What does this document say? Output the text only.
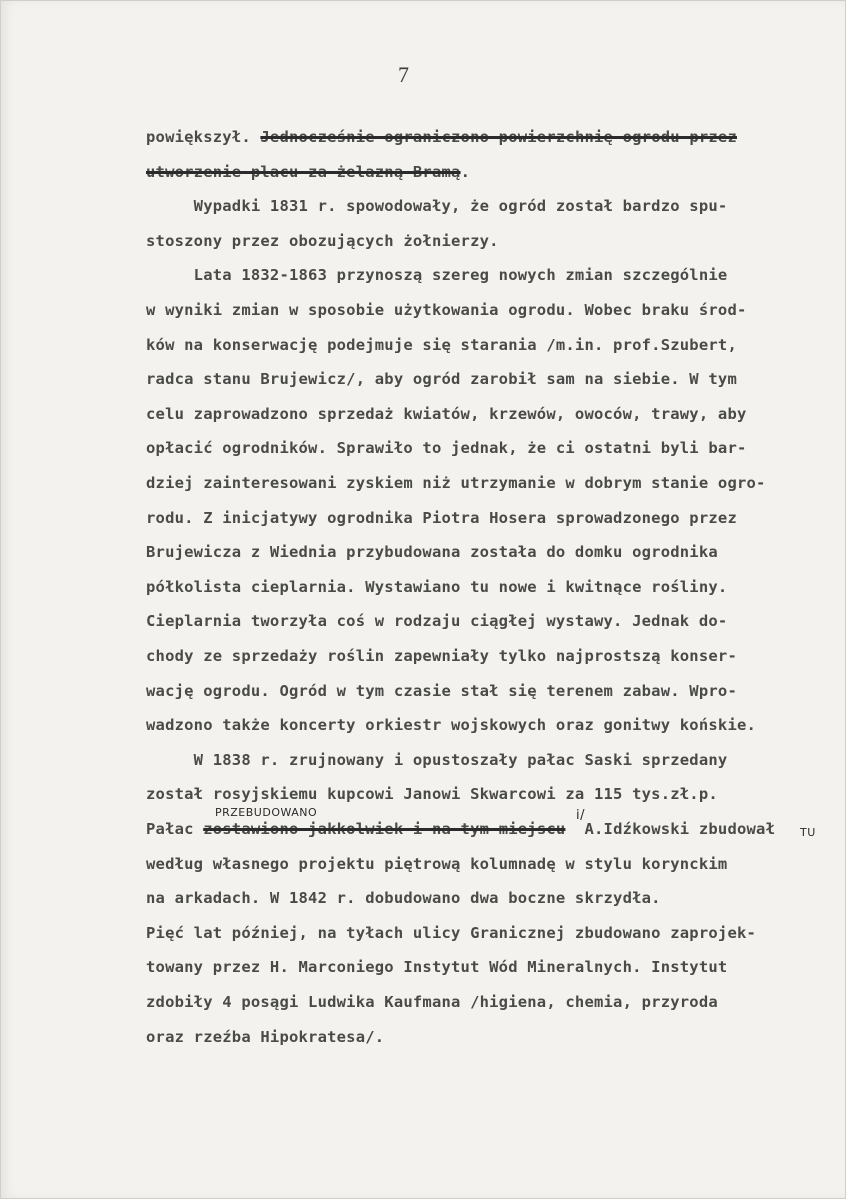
7
PRZEBUDOWANO	i/
TU
powiększył. Jednocześnie ograniczono powierzchnię ogrodu przez
utworzenie placu za żelazną Bramą.
Wypadki 1831 r. spowodowały, że ogród został bardzo spu-
stoszony przez obozujących żołnierzy.
Lata 1832-1863 przynoszą szereg nowych zmian szczególnie
w wyniki zmian w sposobie użytkowania ogrodu. Wobec braku środ-
ków na konserwację podejmuje się starania /m.in. prof.Szubert,
radca stanu Brujewicz/, aby ogród zarobił sam na siebie. W tym
celu zaprowadzono sprzedaż kwiatów, krzewów, owoców, trawy, aby
opłacić ogrodników. Sprawiło to jednak, że ci ostatni byli bar-
dziej zainteresowani zyskiem niż utrzymanie w dobrym stanie ogro-
rodu. Z inicjatywy ogrodnika Piotra Hosera sprowadzonego przez
Brujewicza z Wiednia przybudowana została do domku ogrodnika
półkolista cieplarnia. Wystawiano tu nowe i kwitnące rośliny.
Cieplarnia tworzyła coś w rodzaju ciągłej wystawy. Jednak do-
chody ze sprzedaży roślin zapewniały tylko najprostszą konser-
wację ogrodu. Ogród w tym czasie stał się terenem zabaw. Wpro-
wadzono także koncerty orkiestr wojskowych oraz gonitwy końskie.
W 1838 r. zrujnowany i opustoszały pałac Saski sprzedany
został rosyjskiemu kupcowi Janowi Skwarcowi za 115 tys.zł.p.
Pałac zostawiono jakkolwiek i na tym miejscu  A.Idźkowski zbudował
według własnego projektu piętrową kolumnadę w stylu korynckim
na arkadach. W 1842 r. dobudowano dwa boczne skrzydła.
Pięć lat później, na tyłach ulicy Granicznej zbudowano zaprojek-
towany przez H. Marconiego Instytut Wód Mineralnych. Instytut
zdobiły 4 posągi Ludwika Kaufmana /higiena, chemia, przyroda
oraz rzeźba Hipokratesa/.
